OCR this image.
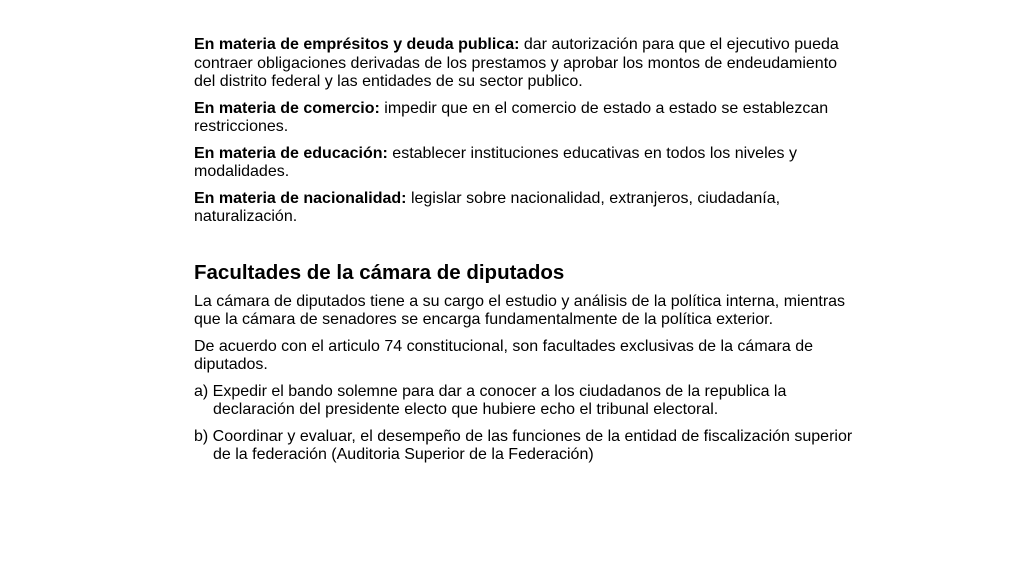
En materia de emprésitos y deuda publica: dar autorización para que el ejecutivo pueda contraer obligaciones derivadas de los prestamos y aprobar los montos de endeudamiento del distrito federal y las entidades de su sector publico.

En materia de comercio: impedir que en el comercio de estado a estado se establezcan restricciones.

En materia de educación: establecer instituciones educativas en todos los niveles y modalidades.

En materia de nacionalidad: legislar sobre nacionalidad, extranjeros, ciudadanía, naturalización.

Facultades de la cámara de diputados

La cámara de diputados tiene a su cargo el estudio y análisis de la política interna, mientras que la cámara de senadores se encarga fundamentalmente de la política exterior.

De acuerdo con el articulo 74 constitucional, son facultades exclusivas de la cámara de diputados.

a) Expedir el bando solemne para dar a conocer a los ciudadanos de la republica la declaración del presidente electo que hubiere echo el tribunal electoral.

b) Coordinar y evaluar, el desempeño de las funciones de la entidad de fiscalización superior de la federación (Auditoria Superior de la Federación)
